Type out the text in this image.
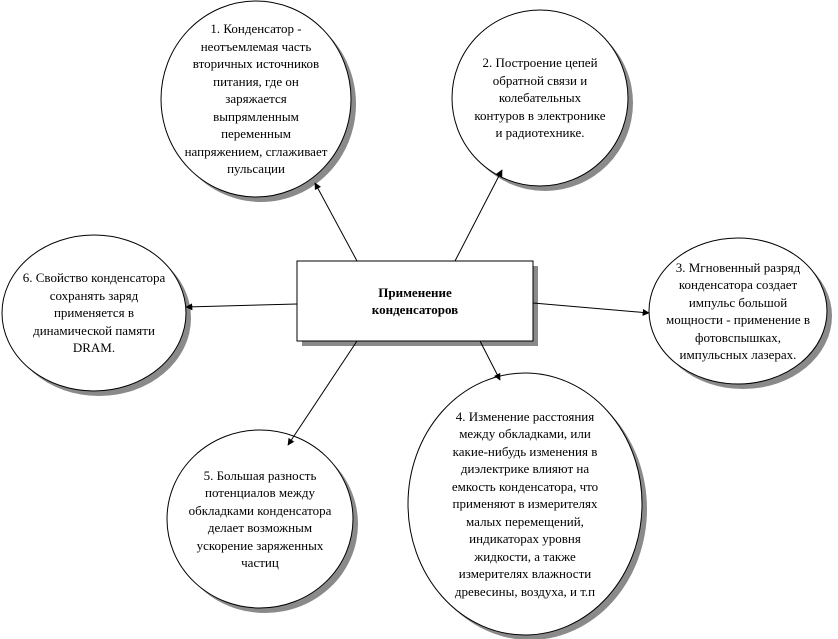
Применение
конденсаторов
1. Конденсатор -
неотъемлемая часть
вторичных источников
питания, где он
заряжается
выпрямленным
переменным
напряжением, сглаживает
пульсации
2. Построение цепей
обратной связи и
колебательных
контуров в электронике
и радиотехнике.
3. Мгновенный разряд
конденсатора создает
импульс большой
мощности - применение в
фотовспышках,
импульсных лазерах.
4. Изменение расстояния
между обкладками, или
какие-нибудь изменения в
диэлектрике влияют на
емкость конденсатора, что
применяют в измерителях
малых перемещений,
индикаторах уровня
жидкости, а также
измерителях влажности
древесины, воздуха, и т.п
5. Большая разность
потенциалов между
обкладками конденсатора
делает возможным
ускорение заряженных
частиц
6. Свойство конденсатора
сохранять заряд
применяется в
динамической памяти
DRAM.
